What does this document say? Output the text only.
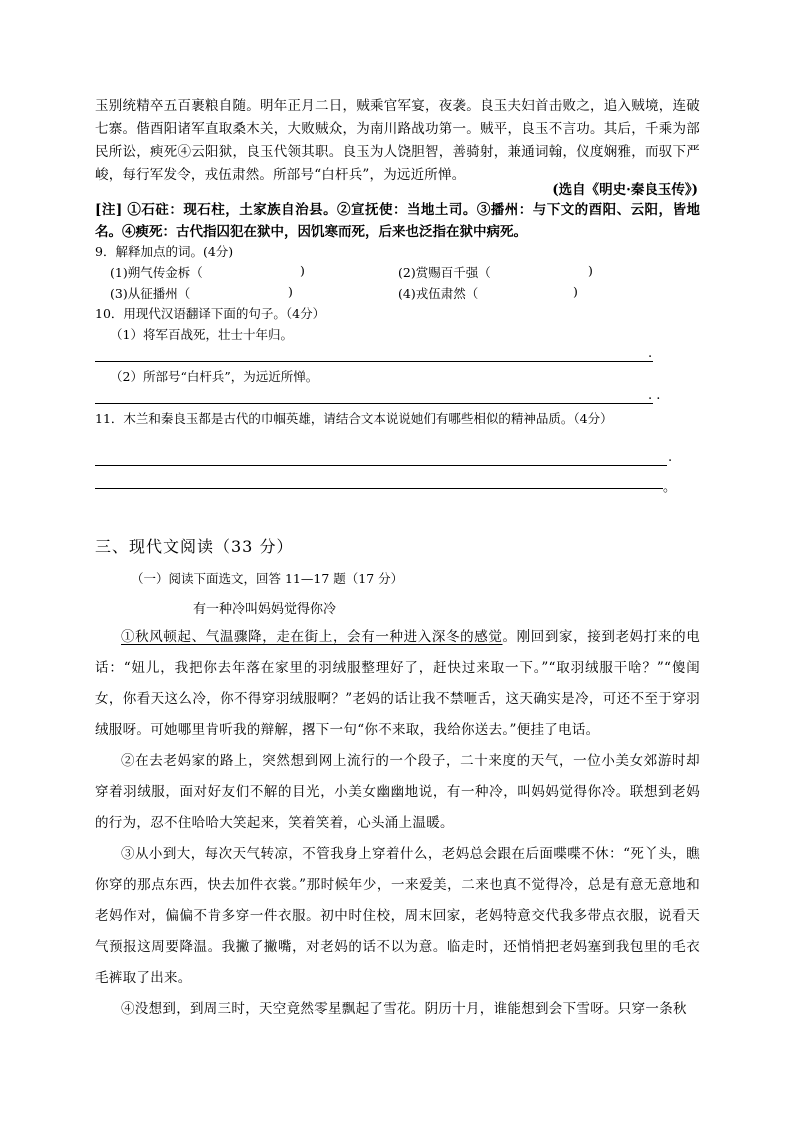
玉别统精卒五百裹粮自随。明年正月二日，贼乘官军宴，夜袭。良玉夫妇首击败之，追入贼境，连破七寨。偕酉阳诸军直取桑木关，大败贼众，为南川路战功第一。贼平，良玉不言功。其后，千乘为部民所讼，瘐死④云阳狱，良玉代领其职。良玉为人饶胆智，善骑射，兼通词翰，仪度娴雅，而驭下严峻，每行军发令，戎伍肃然。所部号“白杆兵”，为远近所惮。

(选自《明史·秦良玉传》)
[注] ①石砫：现石柱，土家族自治县。②宣抚使：当地土司。③播州：与下文的酉阳、云阳，皆地名。④瘐死：古代指囚犯在狱中，因饥寒而死，后来也泛指在狱中病死。
9．解释加点的词。(4分)
(1)朔气传金柝（	)	(2)赏赐百千强（	)
(3)从征播州（	)	(4)戎伍肃然（	)
10．用现代汉语翻译下面的句子。（4分）
（1）将军百战死，壮士十年归。
.
（2）所部号“白杆兵”，为远近所惮。
. .
11．木兰和秦良玉都是古代的巾帼英雄，请结合文本说说她们有哪些相似的精神品质。（4分）
.
。
三、现代文阅读（33 分）
（一）阅读下面选文，回答 11—17 题（17 分）
有一种冷叫妈妈觉得你冷

①秋风顿起、气温骤降，走在街上，会有一种进入深冬的感觉。刚回到家，接到老妈打来的电话：“妞儿，我把你去年落在家里的羽绒服整理好了，赶快过来取一下。”“取羽绒服干啥？”“傻闺女，你看天这么冷，你不得穿羽绒服啊？”老妈的话让我不禁咂舌，这天确实是冷，可还不至于穿羽绒服呀。可她哪里肯听我的辩解，撂下一句“你不来取，我给你送去。”便挂了电话。

②在去老妈家的路上，突然想到网上流行的一个段子，二十来度的天气，一位小美女郊游时却穿着羽绒服，面对好友们不解的目光，小美女幽幽地说，有一种冷，叫妈妈觉得你冷。联想到老妈的行为，忍不住哈哈大笑起来，笑着笑着，心头涌上温暖。

③从小到大，每次天气转凉，不管我身上穿着什么，老妈总会跟在后面喋喋不休：“死丫头，瞧你穿的那点东西，快去加件衣裳。”那时候年少，一来爱美，二来也真不觉得冷，总是有意无意地和老妈作对，偏偏不肯多穿一件衣服。初中时住校，周末回家，老妈特意交代我多带点衣服，说看天气预报这周要降温。我撇了撇嘴，对老妈的话不以为意。临走时，还悄悄把老妈塞到我包里的毛衣毛裤取了出来。

④没想到，到周三时，天空竟然零星飘起了雪花。阴历十月，谁能想到会下雪呀。只穿一条秋
